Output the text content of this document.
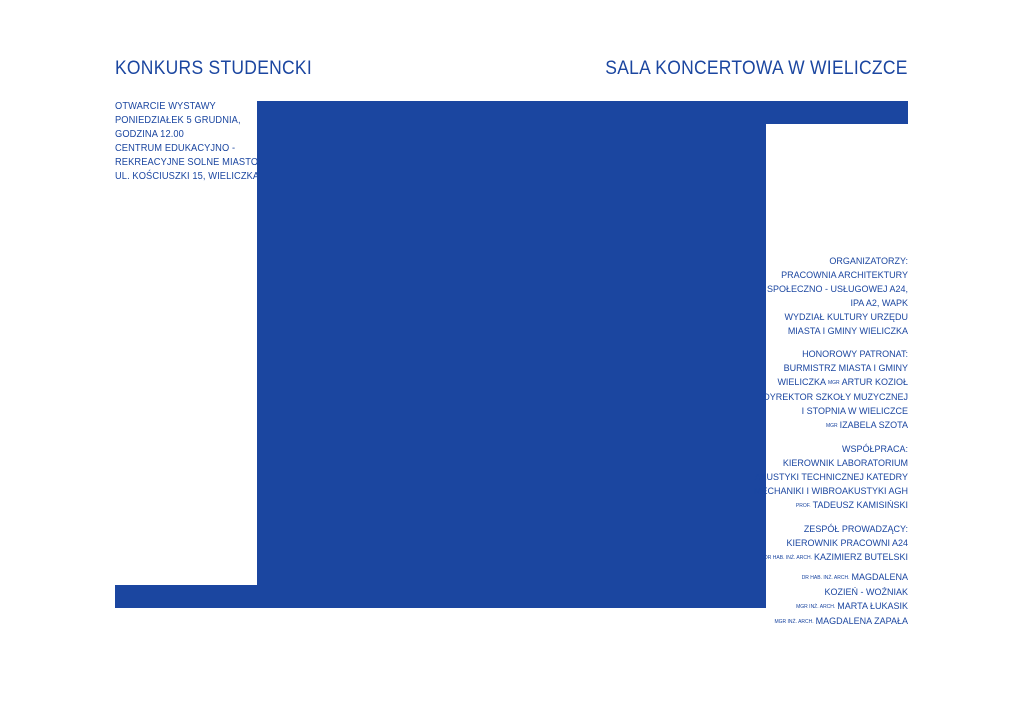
KONKURS STUDENCKI	SALA KONCERTOWA W WIELICZCE
OTWARCIE WYSTAWY
PONIEDZIAŁEK 5 GRUDNIA,
GODZINA 12.00
CENTRUM EDUKACYJNO -
REKREACYJNE SOLNE MIASTO
UL. KOŚCIUSZKI 15, WIELICZKA
ORGANIZATORZY:
PRACOWNIA ARCHITEKTURY
SPOŁECZNO - USŁUGOWEJ A24,
IPA A2, WAPK
WYDZIAŁ KULTURY URZĘDU
MIASTA I GMINY WIELICZKA
HONOROWY PATRONAT:
BURMISTRZ MIASTA I GMINY
WIELICZKA MGR ARTUR KOZIOŁ
DYREKTOR SZKOŁY MUZYCZNEJ
I STOPNIA W WIELICZCE
MGR IZABELA SZOTA
WSPÓŁPRACA:
KIEROWNIK LABORATORIUM
AKUSTYKI TECHNICZNEJ KATEDRY
MECHANIKI I WIBROAKUSTYKI AGH
PROF. TADEUSZ KAMISIŃSKI
ZESPÓŁ PROWADZĄCY:
KIEROWNIK PRACOWNI A24
DR HAB. INŻ. ARCH. KAZIMIERZ BUTELSKI
DR HAB. INŻ. ARCH. MAGDALENA
KOZIEŃ - WOŹNIAK
MGR INŻ. ARCH. MARTA ŁUKASIK
MGR INŻ. ARCH. MAGDALENA ZAPAŁA
